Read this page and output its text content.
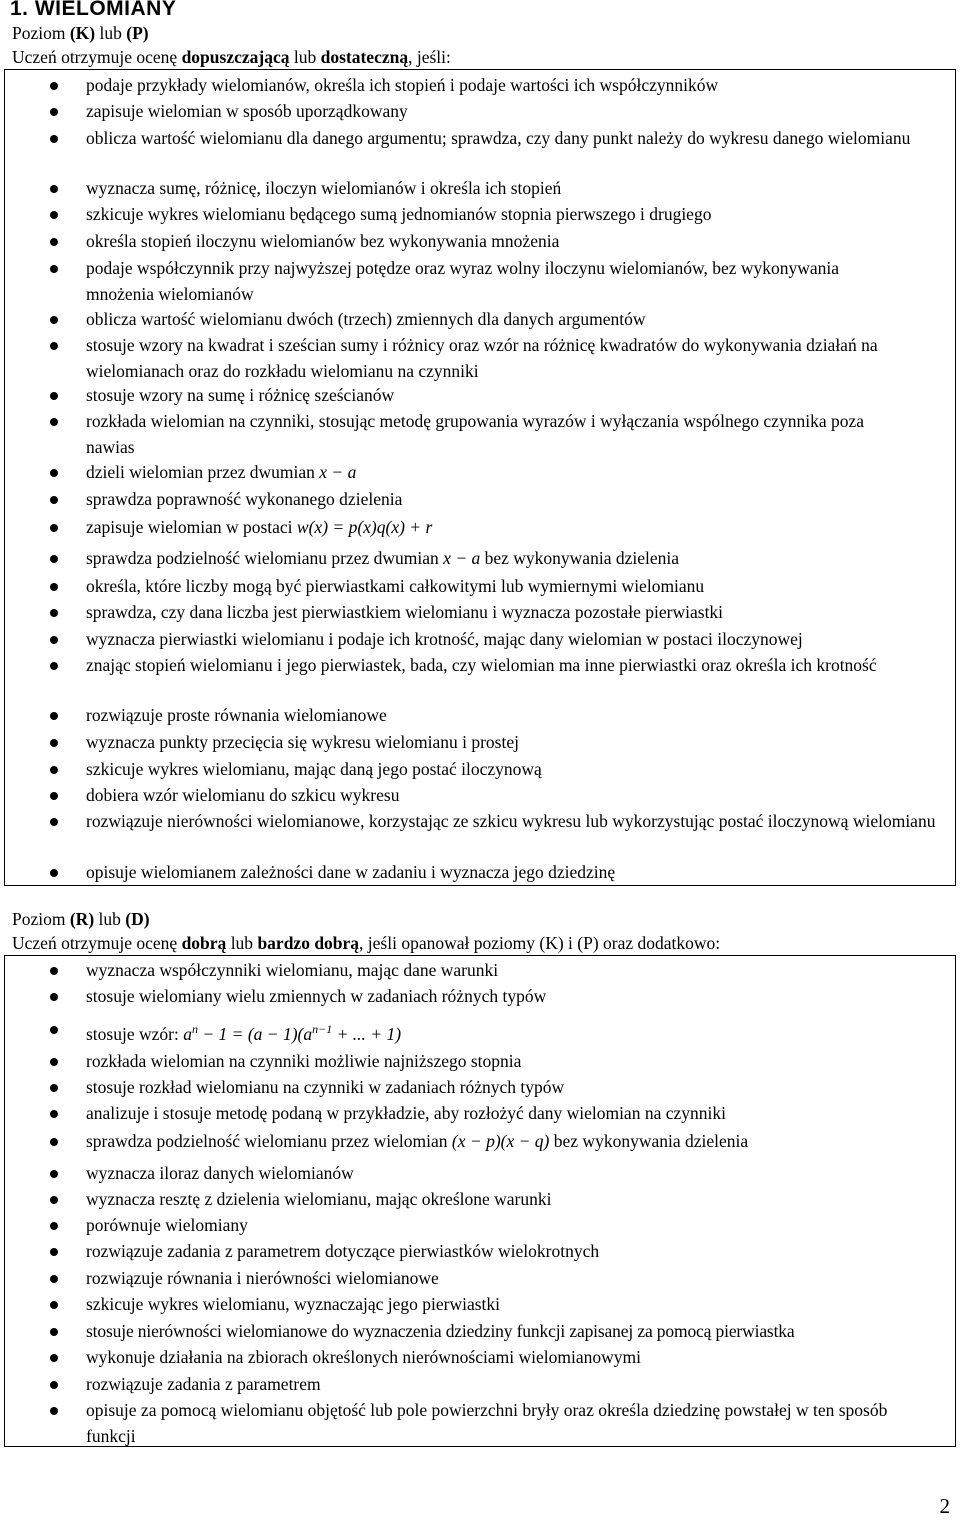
1. WIELOMIANY
Poziom (K) lub (P)
Uczeń otrzymuje ocenę dopuszczającą lub dostateczną, jeśli:
podaje przykłady wielomianów, określa ich stopień i podaje wartości ich współczynników
zapisuje wielomian w sposób uporządkowany
oblicza wartość wielomianu dla danego argumentu; sprawdza, czy dany punkt należy do wykresu danego wielomianu
wyznacza sumę, różnicę, iloczyn wielomianów i określa ich stopień
szkicuje wykres wielomianu będącego sumą jednomianów stopnia pierwszego i drugiego
określa stopień iloczynu wielomianów bez wykonywania mnożenia
podaje współczynnik przy najwyższej potędze oraz wyraz wolny iloczynu wielomianów, bez wykonywania mnożenia wielomianów
oblicza wartość wielomianu dwóch (trzech) zmiennych dla danych argumentów
stosuje wzory na kwadrat i sześcian sumy i różnicy oraz wzór na różnicę kwadratów do wykonywania działań na wielomianach oraz do rozkładu wielomianu na czynniki
stosuje wzory na sumę i różnicę sześcianów
rozkłada wielomian na czynniki, stosując metodę grupowania wyrazów i wyłączania wspólnego czynnika poza nawias
dzieli wielomian przez dwumian x − a
sprawdza poprawność wykonanego dzielenia
zapisuje wielomian w postaci w(x) = p(x)q(x) + r
sprawdza podzielność wielomianu przez dwumian x − a bez wykonywania dzielenia
określa, które liczby mogą być pierwiastkami całkowitymi lub wymiernymi wielomianu
sprawdza, czy dana liczba jest pierwiastkiem wielomianu i wyznacza pozostałe pierwiastki
wyznacza pierwiastki wielomianu i podaje ich krotność, mając dany wielomian w postaci iloczynowej
znając stopień wielomianu i jego pierwiastek, bada, czy wielomian ma inne pierwiastki oraz określa ich krotność
rozwiązuje proste równania wielomianowe
wyznacza punkty przecięcia się wykresu wielomianu i prostej
szkicuje wykres wielomianu, mając daną jego postać iloczynową
dobiera wzór wielomianu do szkicu wykresu
rozwiązuje nierówności wielomianowe, korzystając ze szkicu wykresu lub wykorzystując postać iloczynową wielomianu
opisuje wielomianem zależności dane w zadaniu i wyznacza jego dziedzinę
Poziom (R) lub (D)
Uczeń otrzymuje ocenę dobrą lub bardzo dobrą, jeśli opanował poziomy (K) i (P) oraz dodatkowo:
wyznacza współczynniki wielomianu, mając dane warunki
stosuje wielomiany wielu zmiennych w zadaniach różnych typów
stosuje wzór: $a^n - 1 = (a - 1)(a^{n-1}$ + ... + 1)
rozkłada wielomian na czynniki możliwie najniższego stopnia
stosuje rozkład wielomianu na czynniki w zadaniach różnych typów
analizuje i stosuje metodę podaną w przykładzie, aby rozłożyć dany wielomian na czynniki
sprawdza podzielność wielomianu przez wielomian (x − p)(x − q) bez wykonywania dzielenia
wyznacza iloraz danych wielomianów
wyznacza resztę z dzielenia wielomianu, mając określone warunki
porównuje wielomiany
rozwiązuje zadania z parametrem dotyczące pierwiastków wielokrotnych
rozwiązuje równania i nierówności wielomianowe
szkicuje wykres wielomianu, wyznaczając jego pierwiastki
stosuje nierówności wielomianowe do wyznaczenia dziedziny funkcji zapisanej za pomocą pierwiastka
wykonuje działania na zbiorach określonych nierównościami wielomianowymi
rozwiązuje zadania z parametrem
opisuje za pomocą wielomianu objętość lub pole powierzchni bryły oraz określa dziedzinę powstałej w ten sposób funkcji
2
